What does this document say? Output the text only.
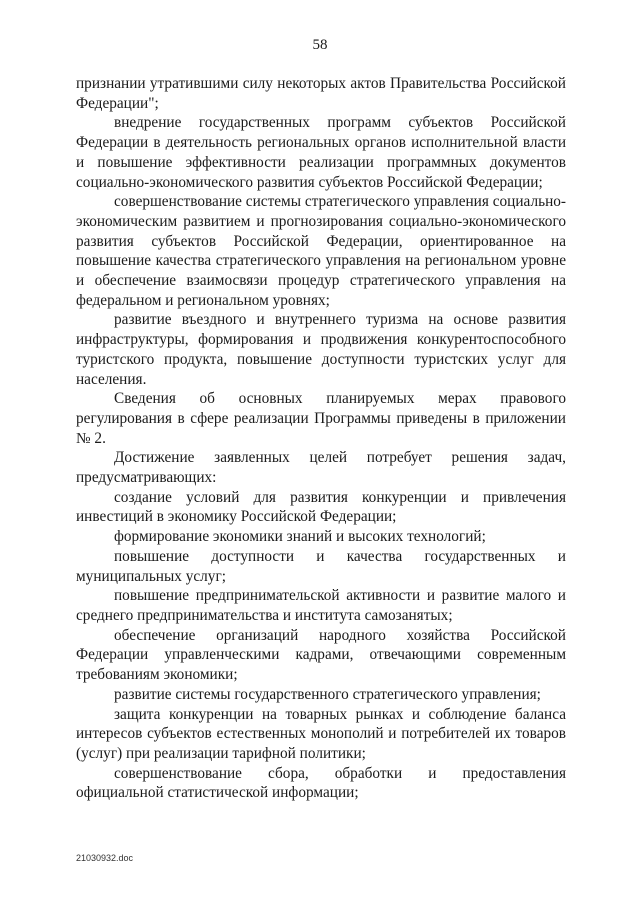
58

признании утратившими силу некоторых актов Правительства Российской Федерации";

внедрение государственных программ субъектов Российской Федерации в деятельность региональных органов исполнительной власти и повышение эффективности реализации программных документов социально-экономического развития субъектов Российской Федерации;

совершенствование системы стратегического управления социально-экономическим развитием и прогнозирования социально-экономического развития субъектов Российской Федерации, ориентированное на повышение качества стратегического управления на региональном уровне и обеспечение взаимосвязи процедур стратегического управления на федеральном и региональном уровнях;

развитие въездного и внутреннего туризма на основе развития инфраструктуры, формирования и продвижения конкурентоспособного туристского продукта, повышение доступности туристских услуг для населения.

Сведения об основных планируемых мерах правового регулирования в сфере реализации Программы приведены в приложении № 2.

Достижение заявленных целей потребует решения задач, предусматривающих:

создание условий для развития конкуренции и привлечения инвестиций в экономику Российской Федерации;

формирование экономики знаний и высоких технологий;

повышение доступности и качества государственных и муниципальных услуг;

повышение предпринимательской активности и развитие малого и среднего предпринимательства и института самозанятых;

обеспечение организаций народного хозяйства Российской Федерации управленческими кадрами, отвечающими современным требованиям экономики;

развитие системы государственного стратегического управления;

защита конкуренции на товарных рынках и соблюдение баланса интересов субъектов естественных монополий и потребителей их товаров (услуг) при реализации тарифной политики;

совершенствование сбора, обработки и предоставления официальной статистической информации;

21030932.doc
